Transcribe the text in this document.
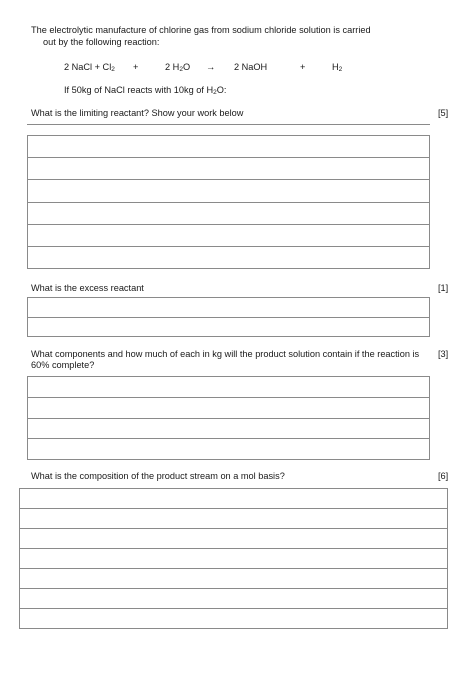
The electrolytic manufacture of chlorine gas from sodium chloride solution is carried
out by the following reaction:
2 NaCl + $Cl_2$ +	2 $H_2O \to 2$ NaOH	+	$H_2$
If 50kg of NaCl reacts with 10kg of $H_2O$:
What is the limiting reactant? Show your work below	[5]
What is the excess reactant	[1]
What components and how much of each in kg will the product solution contain if the reaction is 60% complete?
[3]
What is the composition of the product stream on a mol basis?	[6]
